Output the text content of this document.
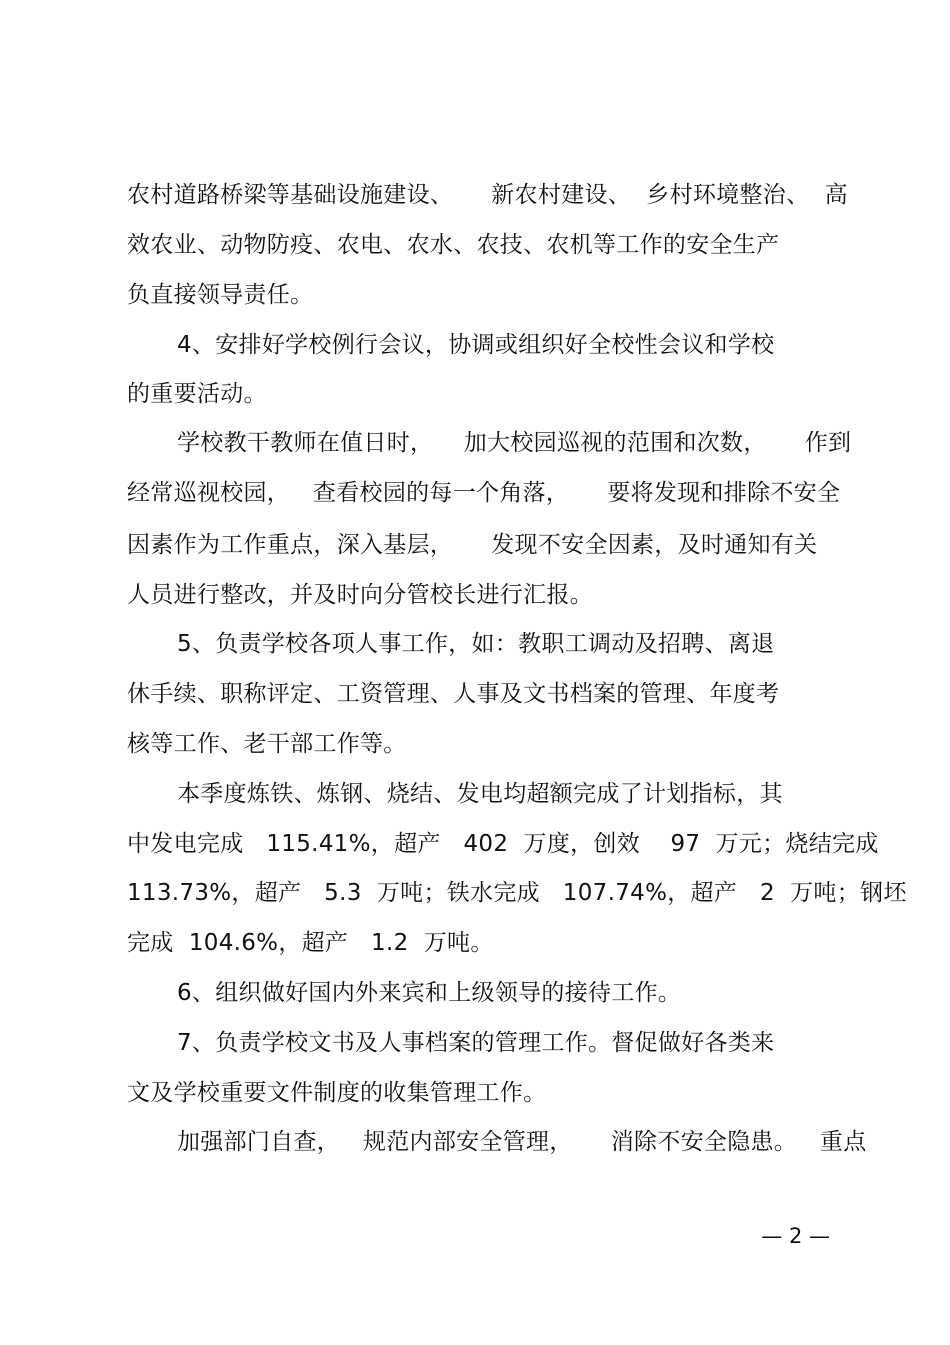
农村道路桥梁等基础设施建设、     新农村建设、  乡村环境整治、  高
效农业、动物防疫、农电、农水、农技、农机等工作的安全生产
负直接领导责任。
4、安排好学校例行会议，协调或组织好全校性会议和学校
的重要活动。
学校教干教师在值日时，    加大校园巡视的范围和次数，     作到
经常巡视校园，   查看校园的每一个角落，     要将发现和排除不安全
因素作为工作重点，深入基层，     发现不安全因素，及时通知有关
人员进行整改，并及时向分管校长进行汇报。
5、负责学校各项人事工作，如：教职工调动及招聘、离退
休手续、职称评定、工资管理、人事及文书档案的管理、年度考
核等工作、老干部工作等。
本季度炼铁、炼钢、烧结、发电均超额完成了计划指标，其
中发电完成   115.41%，超产   402  万度，创效    97  万元；烧结完成
113.73%，超产   5.3  万吨；铁水完成   107.74%，超产   2  万吨；钢坯
完成  104.6%，超产   1.2  万吨。
6、组织做好国内外来宾和上级领导的接待工作。
7、负责学校文书及人事档案的管理工作。督促做好各类来
文及学校重要文件制度的收集管理工作。
加强部门自查，   规范内部安全管理，     消除不安全隐患。   重点
— 2 —
